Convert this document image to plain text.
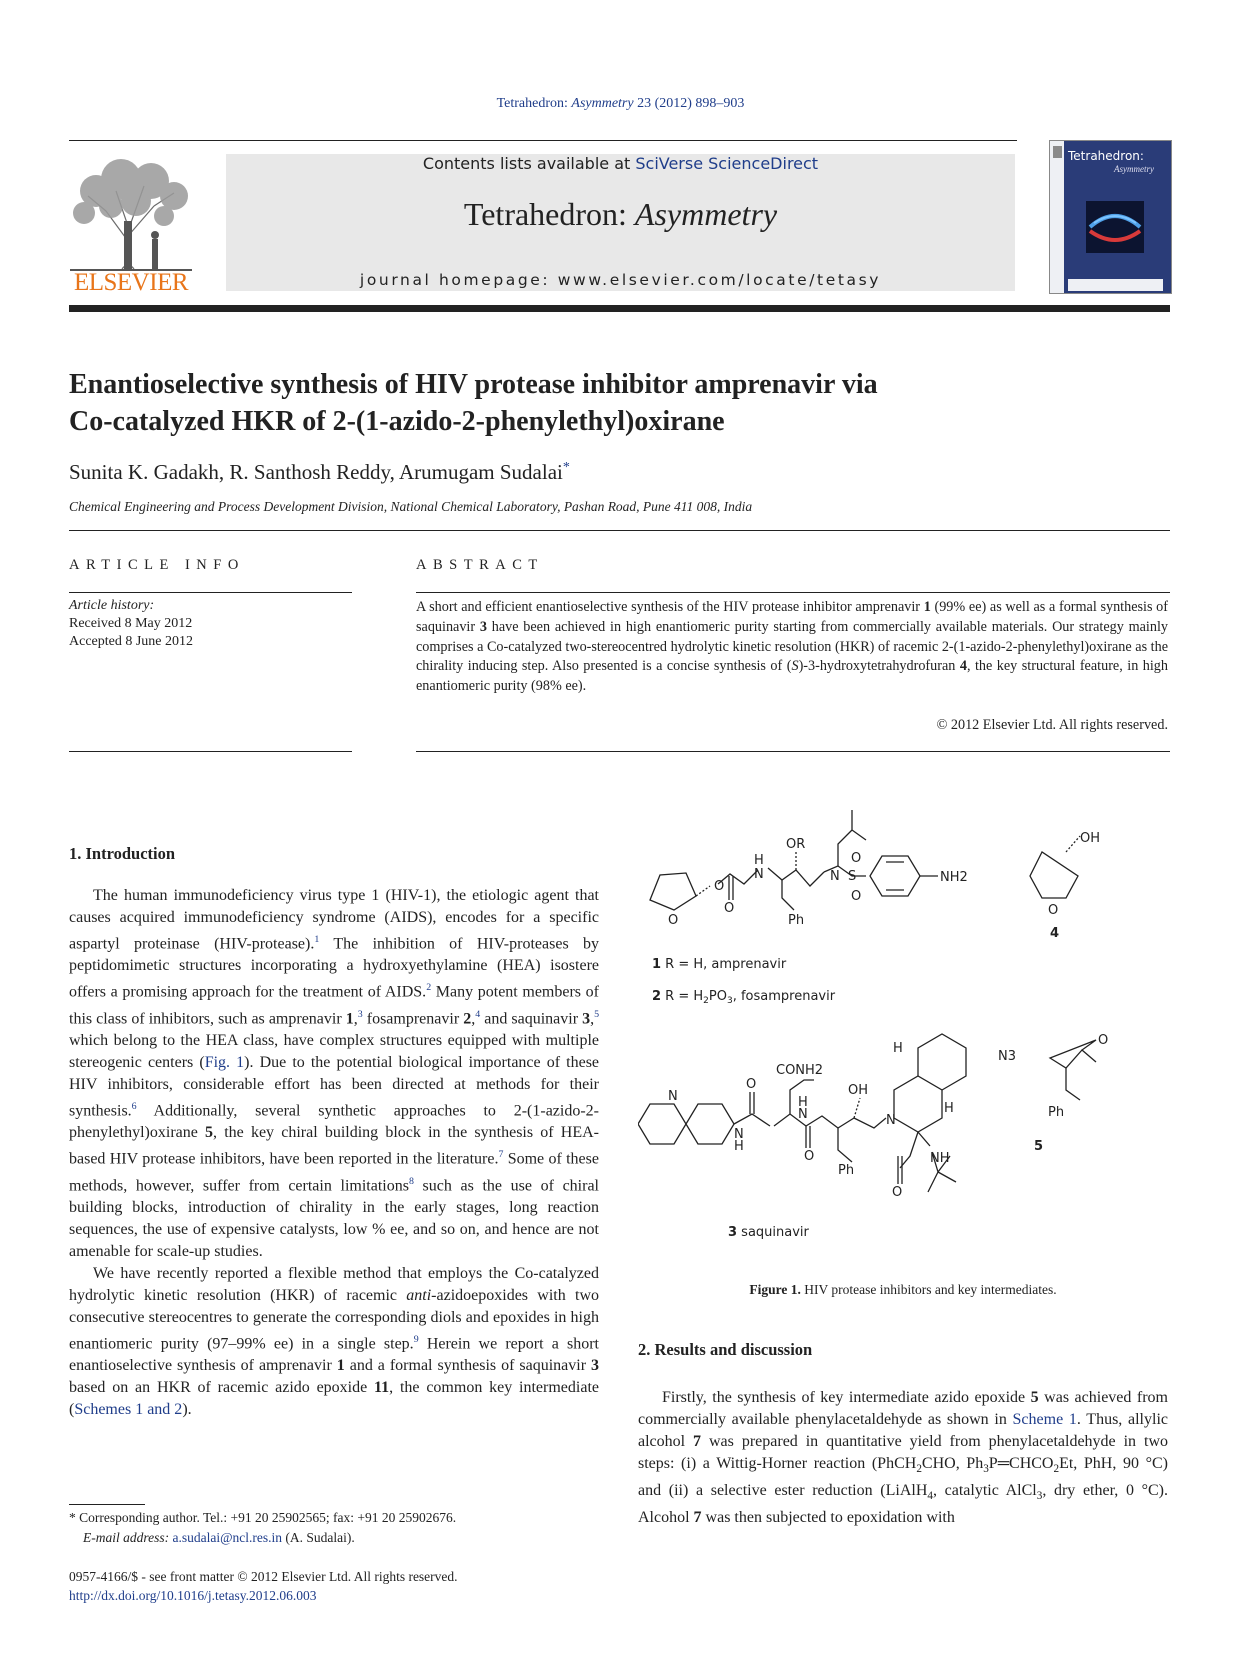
Tetrahedron: Asymmetry 23 (2012) 898–903
ELSEVIER
Contents lists available at SciVerse ScienceDirect
Tetrahedron: Asymmetry
journal homepage: www.elsevier.com/locate/tetasy
Tetrahedron:
Asymmetry
Enantioselective synthesis of HIV protease inhibitor amprenavir via
Co-catalyzed HKR of 2-(1-azido-2-phenylethyl)oxirane
Sunita K. Gadakh, R. Santhosh Reddy, Arumugam Sudalai*
Chemical Engineering and Process Development Division, National Chemical Laboratory, Pashan Road, Pune 411 008, India
ARTICLE INFO
Article history:
Received 8 May 2012
Accepted 8 June 2012
ABSTRACT
A short and efficient enantioselective synthesis of the HIV protease inhibitor amprenavir 1 (99% ee) as well as a formal synthesis of saquinavir 3 have been achieved in high enantiomeric purity starting from commercially available materials. Our strategy mainly comprises a Co-catalyzed two-stereocentred hydrolytic kinetic resolution (HKR) of racemic 2-(1-azido-2-phenylethyl)oxirane as the chirality inducing step. Also presented is a concise synthesis of (S)-3-hydroxytetrahydrofuran 4, the key structural feature, in high enantiomeric purity (98% ee).
© 2012 Elsevier Ltd. All rights reserved.
1. Introduction

The human immunodeficiency virus type 1 (HIV-1), the etiologic agent that causes acquired immunodeficiency syndrome (AIDS), encodes for a specific aspartyl proteinase (HIV-protease).$^1$ The inhibition of HIV-proteases by peptidomimetic structures incorporating a hydroxyethylamine (HEA) isostere offers a promising approach for the treatment of AIDS.$^2$ Many potent members of this class of inhibitors, such as amprenavir 1,$^3$ fosamprenavir 2,$^4$ and saquinavir 3,$^5$ which belong to the HEA class, have complex structures equipped with multiple stereogenic centers (Fig. 1). Due to the potential biological importance of these HIV inhibitors, considerable effort has been directed at methods for their synthesis.$^6$ Additionally, several synthetic approaches to 2-(1-azido-2-phenylethyl)oxirane 5, the key chiral building block in the synthesis of HEA-based HIV protease inhibitors, have been reported in the literature.$^7$ Some of these methods, however, suffer from certain limitations$^8$ such as the use of chiral building blocks, introduction of chirality in the early stages, long reaction sequences, the use of expensive catalysts, low % ee, and so on, and hence are not amenable for scale-up studies.

We have recently reported a flexible method that employs the Co-catalyzed hydrolytic kinetic resolution (HKR) of racemic anti-azidoepoxides with two consecutive stereocentres to generate the corresponding diols and epoxides in high enantiomeric purity (97–99% ee) in a single step.$^9$ Herein we report a short enantioselective synthesis of amprenavir 1 and a formal synthesis of saquinavir 3 based on an HKR of racemic azido epoxide 11, the common key intermediate (Schemes 1 and 2).

O
O
O
H
N
OR
N S
O
O
NH2
Ph
OH
O
4
1 R = H, amprenavir
2 $R = H_2PO_3$, fosamprenavir
N
O
N
H
CONH2
O
H
N
OH
Ph
N
H
H
O
NH
3 saquinavir
N3
O
Ph
5
Figure 1. HIV protease inhibitors and key intermediates.
2. Results and discussion

Firstly, the synthesis of key intermediate azido epoxide 5 was achieved from commercially available phenylacetaldehyde as shown in Scheme 1. Thus, allylic alcohol 7 was prepared in quantitative yield from phenylacetaldehyde in two steps: (i) a Wittig-Horner reaction (PhCH$_2$CHO, $Ph_3P═CHCO_2Et$, PhH, 90 °C) and (ii) a selective ester reduction (LiAlH$_4$, catalytic AlCl$_3$, dry ether, 0 °C). Alcohol 7 was then subjected to epoxidation with

* Corresponding author. Tel.: +91 20 25902565; fax: +91 20 25902676.
E-mail address: a.sudalai@ncl.res.in (A. Sudalai).
0957-4166/$ - see front matter © 2012 Elsevier Ltd. All rights reserved.
http://dx.doi.org/10.1016/j.tetasy.2012.06.003
